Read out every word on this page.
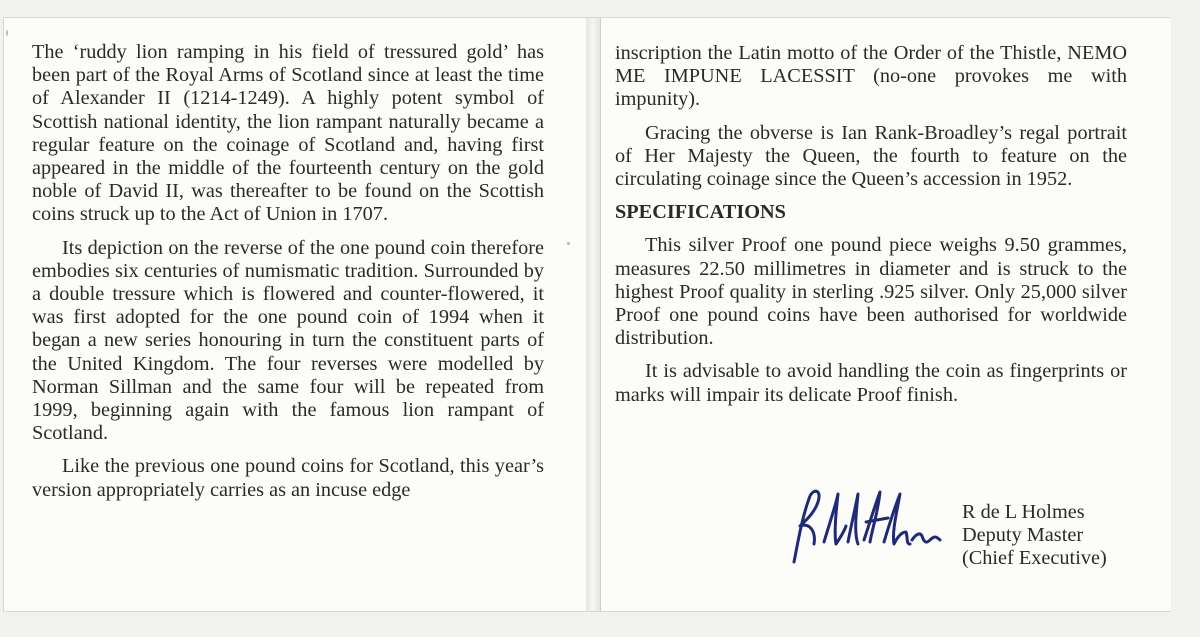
The ‘ruddy lion ramping in his field of tressured gold’ has been part of the Royal Arms of Scotland since at least the time of Alexander II (1214-1249). A highly potent symbol of Scottish national identity, the lion rampant naturally became a regular feature on the coinage of Scotland and, having first appeared in the middle of the fourteenth century on the gold noble of David II, was thereafter to be found on the Scottish coins struck up to the Act of Union in 1707.

Its depiction on the reverse of the one pound coin therefore embodies six centuries of numismatic tradition. Surrounded by a double tressure which is flowered and counter-flowered, it was first adopted for the one pound coin of 1994 when it began a new series honouring in turn the constituent parts of the United Kingdom. The four reverses were modelled by Norman Sillman and the same four will be repeated from 1999, beginning again with the famous lion rampant of Scotland.

Like the previous one pound coins for Scotland, this year’s version appropriately carries as an incuse edge

inscription the Latin motto of the Order of the Thistle, NEMO ME IMPUNE LACESSIT (no-one provokes me with impunity).

Gracing the obverse is Ian Rank-Broadley’s regal portrait of Her Majesty the Queen, the fourth to feature on the circulating coinage since the Queen’s accession in 1952.

SPECIFICATIONS

This silver Proof one pound piece weighs 9.50 grammes, measures 22.50 millimetres in diameter and is struck to the highest Proof quality in sterling .925 silver. Only 25,000 silver Proof one pound coins have been authorised for worldwide distribution.

It is advisable to avoid handling the coin as fingerprints or marks will impair its delicate Proof finish.

R de L Holmes
Deputy Master
(Chief Executive)
